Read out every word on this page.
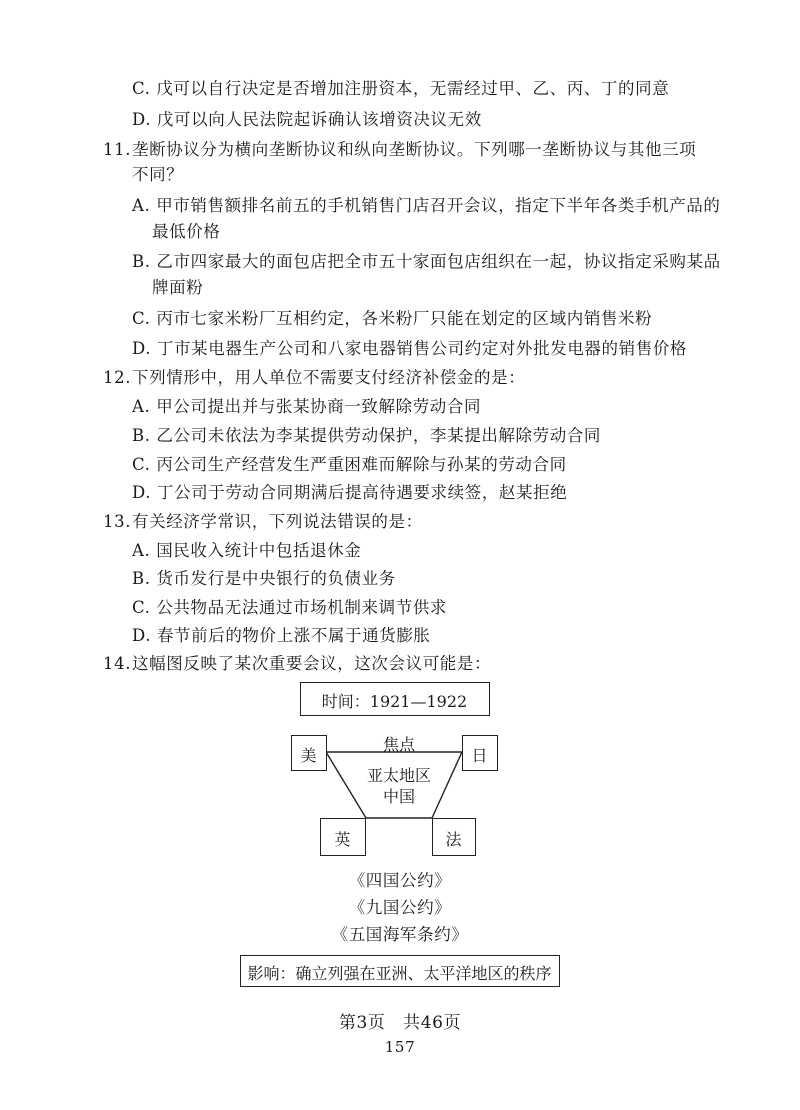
C. 戊可以自行决定是否增加注册资本，无需经过甲、乙、丙、丁的同意
D. 戊可以向人民法院起诉确认该增资决议无效
11. 垄断协议分为横向垄断协议和纵向垄断协议。下列哪一垄断协议与其他三项
不同？
A. 甲市销售额排名前五的手机销售门店召开会议，指定下半年各类手机产品的
最低价格
B. 乙市四家最大的面包店把全市五十家面包店组织在一起，协议指定采购某品
牌面粉
C. 丙市七家米粉厂互相约定，各米粉厂只能在划定的区域内销售米粉
D. 丁市某电器生产公司和八家电器销售公司约定对外批发电器的销售价格
12. 下列情形中，用人单位不需要支付经济补偿金的是：
A. 甲公司提出并与张某协商一致解除劳动合同
B. 乙公司未依法为李某提供劳动保护，李某提出解除劳动合同
C. 丙公司生产经营发生严重困难而解除与孙某的劳动合同
D. 丁公司于劳动合同期满后提高待遇要求续签，赵某拒绝
13. 有关经济学常识，下列说法错误的是：
A. 国民收入统计中包括退休金
B. 货币发行是中央银行的负债业务
C. 公共物品无法通过市场机制来调节供求
D. 春节前后的物价上涨不属于通货膨胀
14. 这幅图反映了某次重要会议，这次会议可能是：
时间：1921—1922
美	日
英	法
焦点
亚太地区
中国
《四国公约》
《九国公约》
《五国海军条约》
影响：确立列强在亚洲、太平洋地区的秩序
第3页　共46页
157
